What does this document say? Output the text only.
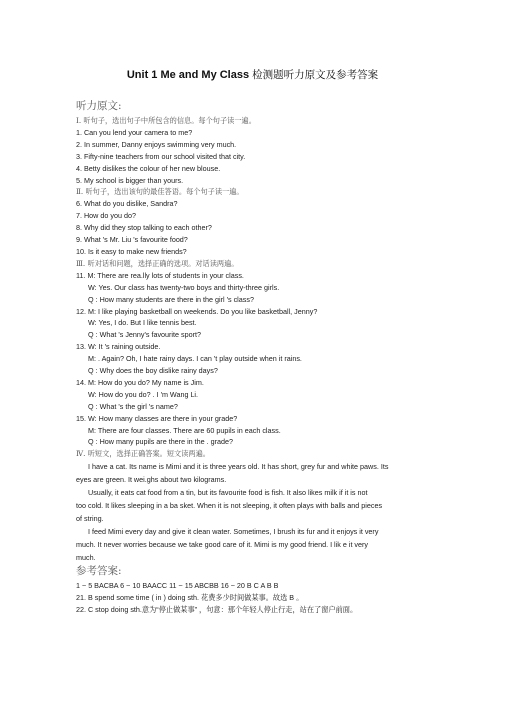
Unit 1 Me and My Class 检测题听力原文及参考答案
听力原文:
Ⅰ. 听句子，选出句子中所包含的信息。每个句子读一遍。
1. Can you lend your camera to me?
2. In summer, Danny enjoys swimming very much.
3. Fifty-nine teachers from our school visited that city.
4. Betty dislikes the colour of her new blouse.
5. My school is bigger than yours.
Ⅱ. 听句子，选出该句的最佳答语。每个句子读一遍。
6. What do you dislike, Sandra?
7. How do you do?
8. Why did they stop talking to each other?
9. What 's Mr. Liu 's favourite food?
10. Is it easy to make new friends?
Ⅲ. 听对话和问题，选择正确的选项。对话读两遍。
11. M: There are rea.lly lots of students in your class.
W: Yes. Our class has twenty-two boys and thirty-three girls.
Q : How many students are there in the girl 's class?
12. M: I like playing basketball on weekends. Do you like basketball, Jenny?
W: Yes, I do. But I like tennis best.
Q : What 's Jenny's favourite sport?
13. W: It 's raining outside.
M: . Again? Oh, I hate rainy days. I can 't play outside when it rains.
Q : Why does the boy dislike rainy days?
14. M: How do you do? My name is Jim.
W: How do you do? . I 'm Wang Li.
Q : What 's the girl 's name?
15. W: How many classes are there in your grade?
M: There are four classes. There are 60 pupils in each class.
Q : How many pupils are there in the . grade?
Ⅳ. 听短文，选择正确答案。短文读两遍。
I have a cat. Its name is Mimi and it is three years old. It has short, grey fur and white paws. Its
eyes are green. It wei.ghs about two kilograms.
Usually, it eats cat food from a tin, but its favourite food is fish. It also likes milk if it is not
too cold. It likes sleeping in a ba sket. When it is not sleeping, it often plays with balls and pieces
of string.
I feed Mimi every day and give it clean water. Sometimes, I brush its fur and it enjoys it very
much. It never worries because we take good care of it. Mimi is my good friend. I lik e it very
much.
参考答案:
1 ~ 5 BACBA 6 ~ 10 BAACC 11 ~ 15 ABCBB 16 ~ 20 B C A B B
21. B spend some time ( in ) doing sth. 花费多少时间做某事。故选 B 。
22. C stop doing sth.意为“停止做某事” ，句意：那个年轻人停止行走，站在了窗户前面。
